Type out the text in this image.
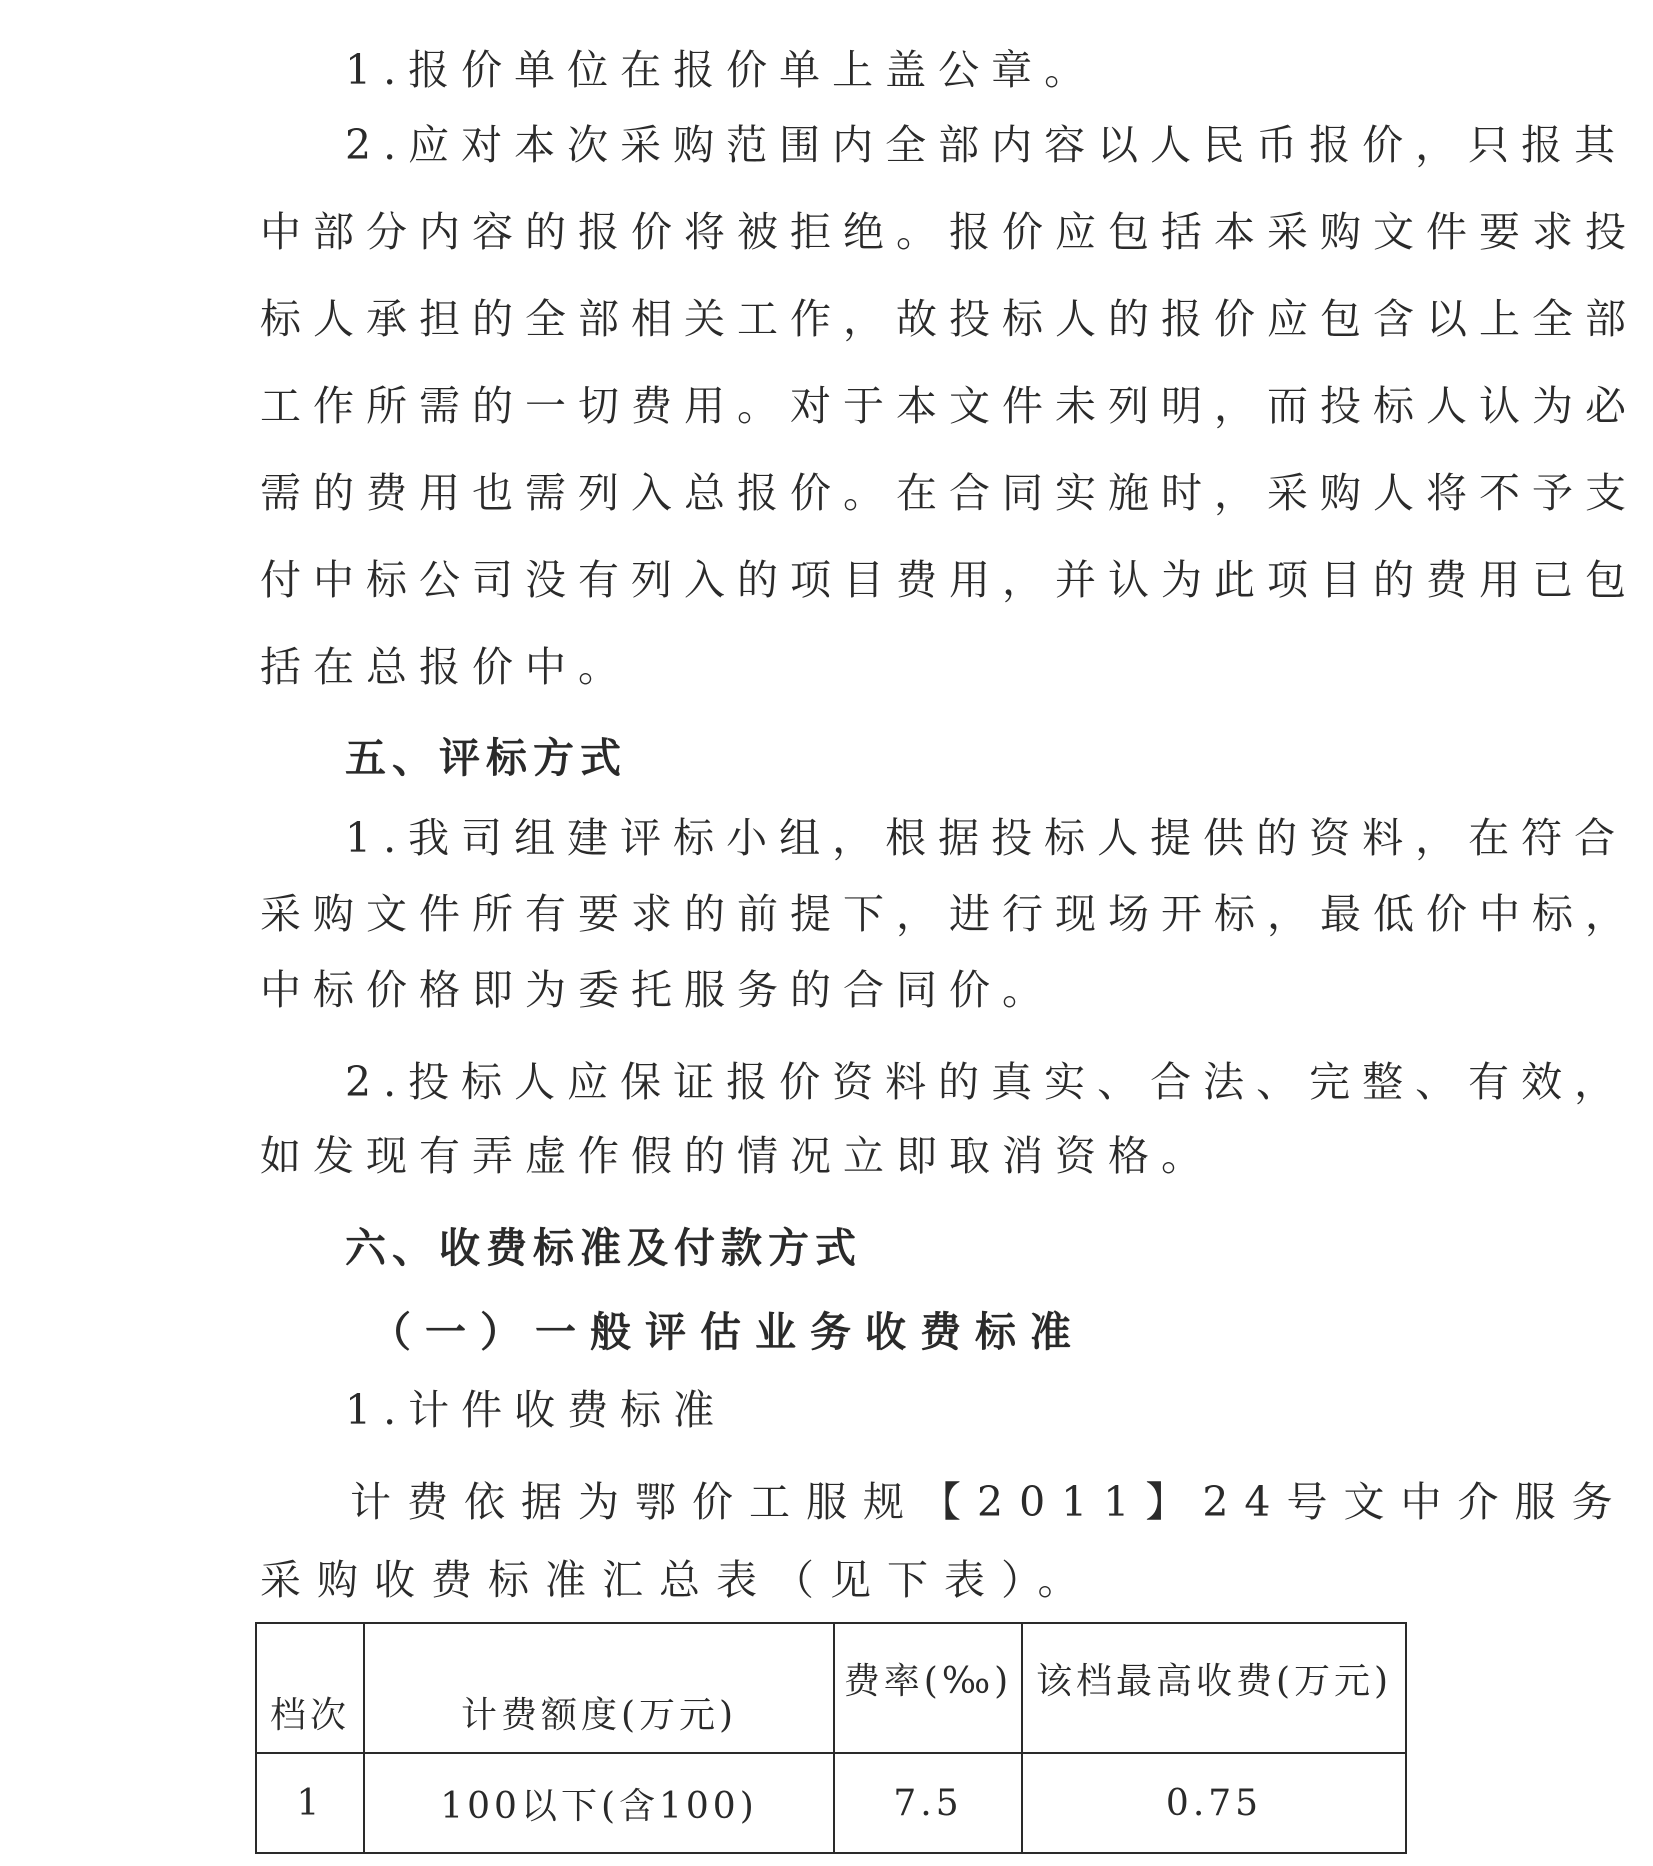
1.报价单位在报价单上盖公章。
2.应对本次采购范围内全部内容以人民币报价，只报其
中部分内容的报价将被拒绝。报价应包括本采购文件要求投
标人承担的全部相关工作，故投标人的报价应包含以上全部
工作所需的一切费用。对于本文件未列明，而投标人认为必
需的费用也需列入总报价。在合同实施时，采购人将不予支
付中标公司没有列入的项目费用，并认为此项目的费用已包
括在总报价中。
五、评标方式
1.我司组建评标小组，根据投标人提供的资料，在符合
采购文件所有要求的前提下，进行现场开标，最低价中标，
中标价格即为委托服务的合同价。
2.投标人应保证报价资料的真实、合法、完整、有效，
如发现有弄虚作假的情况立即取消资格。
六、收费标准及付款方式
（一）一般评估业务收费标准
1.计件收费标准
计费依据为鄂价工服规【2011】24号文中介服务
采购收费标准汇总表（见下表）。
档次	计费额度(万元)	费率(‰)	该档最高收费(万元)
1	100以下(含100)	7.5	0.75
